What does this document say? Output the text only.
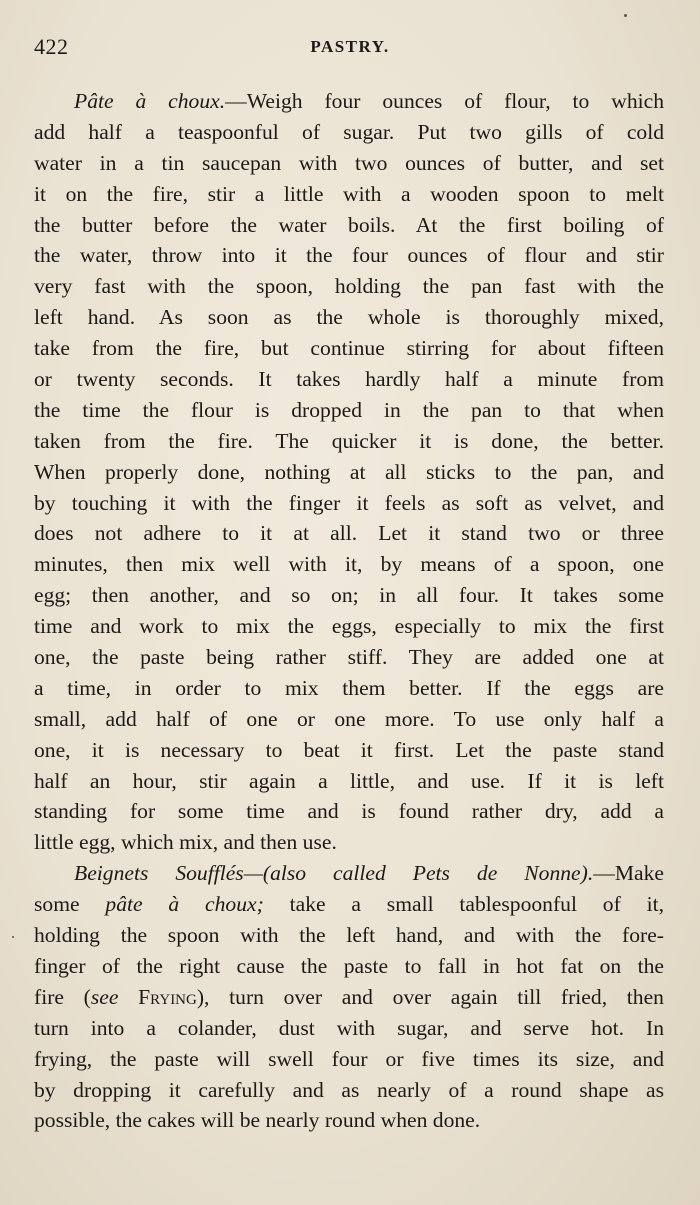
422	PASTRY.
Pâte à choux.—Weigh four ounces of flour, to which
add half a teaspoonful of sugar. Put two gills of cold
water in a tin saucepan with two ounces of butter, and set
it on the fire, stir a little with a wooden spoon to melt
the butter before the water boils. At the first boiling of
the water, throw into it the four ounces of flour and stir
very fast with the spoon, holding the pan fast with the
left hand. As soon as the whole is thoroughly mixed,
take from the fire, but continue stirring for about fifteen
or twenty seconds. It takes hardly half a minute from
the time the flour is dropped in the pan to that when
taken from the fire. The quicker it is done, the better.
When properly done, nothing at all sticks to the pan, and
by touching it with the finger it feels as soft as velvet, and
does not adhere to it at all. Let it stand two or three
minutes, then mix well with it, by means of a spoon, one
egg; then another, and so on; in all four. It takes some
time and work to mix the eggs, especially to mix the first
one, the paste being rather stiff. They are added one at
a time, in order to mix them better. If the eggs are
small, add half of one or one more. To use only half a
one, it is necessary to beat it first. Let the paste stand
half an hour, stir again a little, and use. If it is left
standing for some time and is found rather dry, add a
little egg, which mix, and then use.
Beignets Soufflés—(also called Pets de Nonne).—Make
some pâte à choux; take a small tablespoonful of it,
holding the spoon with the left hand, and with the fore-
finger of the right cause the paste to fall in hot fat on the
fire (see Frying), turn over and over again till fried, then
turn into a colander, dust with sugar, and serve hot. In
frying, the paste will swell four or five times its size, and
by dropping it carefully and as nearly of a round shape as
possible, the cakes will be nearly round when done.
